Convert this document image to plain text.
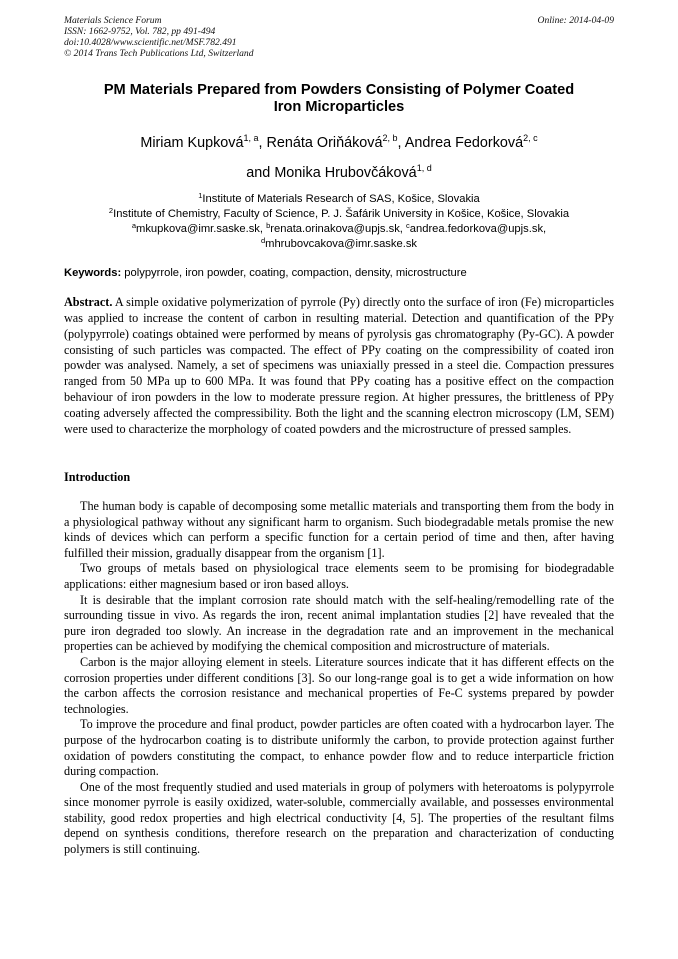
Materials Science Forum
ISSN: 1662-9752, Vol. 782, pp 491-494
doi:10.4028/www.scientific.net/MSF.782.491
© 2014 Trans Tech Publications Ltd, Switzerland
Online: 2014-04-09
PM Materials Prepared from Powders Consisting of Polymer Coated
Iron Microparticles
Miriam Kupková$^{1, a}$, Renáta Oriňáková$^{2, b}$, Andrea Fedorková$^{2, c}$
and Monika Hrubovčáková$^{1, d}$
$^1$Institute of Materials Research of SAS, Košice, Slovakia
$^2$Institute of Chemistry, Faculty of Science, P. J. Šafárik University in Košice, Košice, Slovakia
$^a$mkupkova@imr.saske.sk, $^b$renata.orinakova@upjs.sk, $^c$andrea.fedorkova@upjs.sk,
$^d$mhrubovcakova@imr.saske.sk
Keywords: polypyrrole, iron powder, coating, compaction, density, microstructure
Abstract. A simple oxidative polymerization of pyrrole (Py) directly onto the surface of iron (Fe) microparticles was applied to increase the content of carbon in resulting material. Detection and quantification of the PPy (polypyrrole) coatings obtained were performed by means of pyrolysis gas chromatography (Py-GC). A powder consisting of such particles was compacted. The effect of PPy coating on the compressibility of coated iron powder was analysed. Namely, a set of specimens was uniaxially pressed in a steel die. Compaction pressures ranged from 50 MPa up to 600 MPa. It was found that PPy coating has a positive effect on the compaction behaviour of iron powders in the low to moderate pressure region. At higher pressures, the brittleness of PPy coating adversely affected the compressibility. Both the light and the scanning electron microscopy (LM, SEM) were used to characterize the morphology of coated powders and the microstructure of pressed samples.
Introduction

The human body is capable of decomposing some metallic materials and transporting them from the body in a physiological pathway without any significant harm to organism. Such biodegradable metals promise the new kinds of devices which can perform a specific function for a certain period of time and then, after having fulfilled their mission, gradually disappear from the organism [1].

Two groups of metals based on physiological trace elements seem to be promising for biodegradable applications: either magnesium based or iron based alloys.

It is desirable that the implant corrosion rate should match with the self-healing/remodelling rate of the surrounding tissue in vivo. As regards the iron, recent animal implantation studies [2] have revealed that the pure iron degraded too slowly. An increase in the degradation rate and an improvement in the mechanical properties can be achieved by modifying the chemical composition and microstructure of materials.

Carbon is the major alloying element in steels. Literature sources indicate that it has different effects on the corrosion properties under different conditions [3]. So our long-range goal is to get a wide information on how the carbon affects the corrosion resistance and mechanical properties of Fe-C systems prepared by powder technologies.

To improve the procedure and final product, powder particles are often coated with a hydrocarbon layer. The purpose of the hydrocarbon coating is to distribute uniformly the carbon, to provide protection against further oxidation of powders constituting the compact, to enhance powder flow and to reduce interparticle friction during compaction.

One of the most frequently studied and used materials in group of polymers with heteroatoms is polypyrrole since monomer pyrrole is easily oxidized, water-soluble, commercially available, and possesses environmental stability, good redox properties and high electrical conductivity [4, 5]. The properties of the resultant films depend on synthesis conditions, therefore research on the preparation and characterization of conducting polymers is still continuing.
